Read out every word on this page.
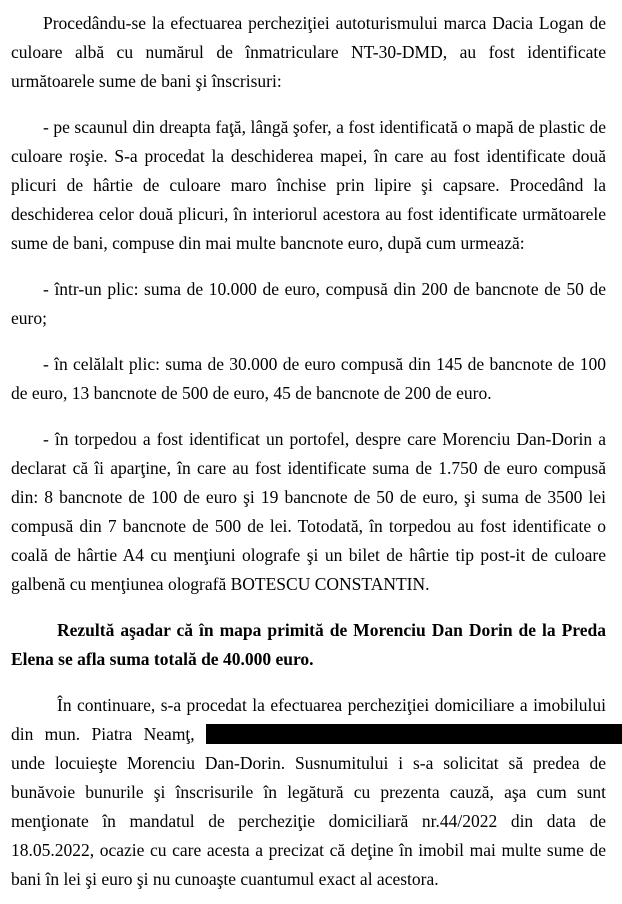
Procedându-se la efectuarea percheziţiei autoturismului marca Dacia Logan de culoare albă cu numărul de înmatriculare NT-30-DMD, au fost identificate următoarele sume de bani şi înscrisuri:

- pe scaunul din dreapta faţă, lângă şofer, a fost identificată o mapă de plastic de culoare roşie. S-a procedat la deschiderea mapei, în care au fost identificate două plicuri de hârtie de culoare maro închise prin lipire şi capsare. Procedând la deschiderea celor două plicuri, în interiorul acestora au fost identificate următoarele sume de bani, compuse din mai multe bancnote euro, după cum urmează:

- într-un plic: suma de 10.000 de euro, compusă din 200 de bancnote de 50 de euro;

- în celălalt plic: suma de 30.000 de euro compusă din 145 de bancnote de 100 de euro, 13 bancnote de 500 de euro, 45 de bancnote de 200 de euro.

- în torpedou a fost identificat un portofel, despre care Morenciu Dan-Dorin a declarat că îi aparţine, în care au fost identificate suma de 1.750 de euro compusă din: 8 bancnote de 100 de euro şi 19 bancnote de 50 de euro, şi suma de 3500 lei compusă din 7 bancnote de 500 de lei. Totodată, în torpedou au fost identificate o coală de hârtie A4 cu menţiuni olografe şi un bilet de hârtie tip post-it de culoare galbenă cu menţiunea olografă BOTESCU CONSTANTIN.

Rezultă aşadar că în mapa primită de Morenciu Dan Dorin de la Preda Elena se afla suma totală de 40.000 euro.

În continuare, s-a procedat la efectuarea percheziţiei domiciliare a imobilului din mun. Piatra Neamţ,  unde locuieşte Morenciu Dan-Dorin. Susnumitului i s-a solicitat să predea de bunăvoie bunurile şi înscrisurile în legătură cu prezenta cauză, aşa cum sunt menţionate în mandatul de percheziţie domiciliară nr.44/2022 din data de 18.05.2022, ocazie cu care acesta a precizat că deţine în imobil mai multe sume de bani în lei şi euro şi nu cunoaşte cuantumul exact al acestora.
